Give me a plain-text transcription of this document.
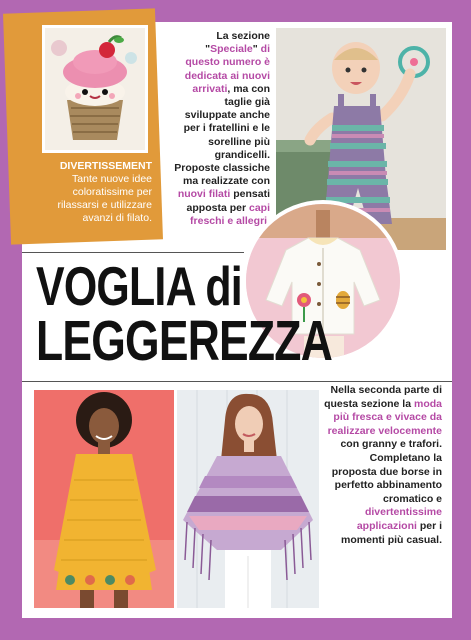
DIVERTISSEMENT
Tante nuove idee coloratissime per rilassarsi e utilizzare avanzi di filato.
La sezione "Speciale" di questo numero è dedicata ai nuovi arrivati, ma con taglie già sviluppate anche per i fratellini e le sorelline più grandicelli. Proposte classiche ma realizzate con nuovi filati pensati apposta per capi freschi e allegri
VOGLIA di
LEGGEREZZA
Nella seconda parte di questa sezione la moda più fresca e vivace da realizzare velocemente con granny e trafori. Completano la proposta due borse in perfetto abbinamento cromatico e divertentissime applicazioni per i momenti più casual.
